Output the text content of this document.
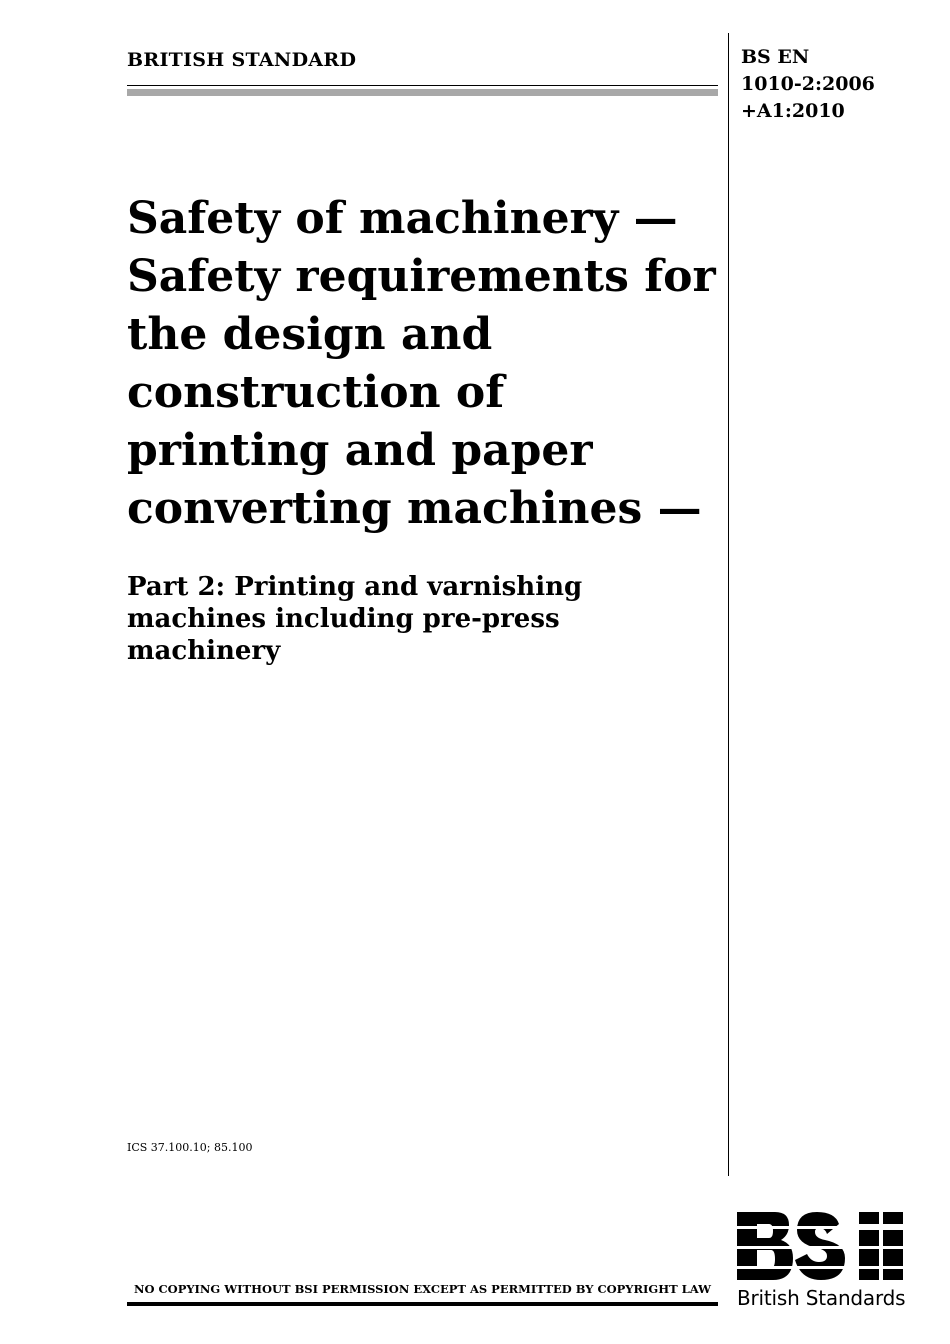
BRITISH STANDARD	BS EN
1010-2:2006
+A1:2010
Safety of machinery —
Safety requirements for
the design and
construction of
printing and paper
converting machines —
Part 2: Printing and varnishing
machines including pre-press
machinery
ICS 37.100.10; 85.100
NO COPYING WITHOUT BSI PERMISSION EXCEPT AS PERMITTED BY COPYRIGHT LAW	British Standards
